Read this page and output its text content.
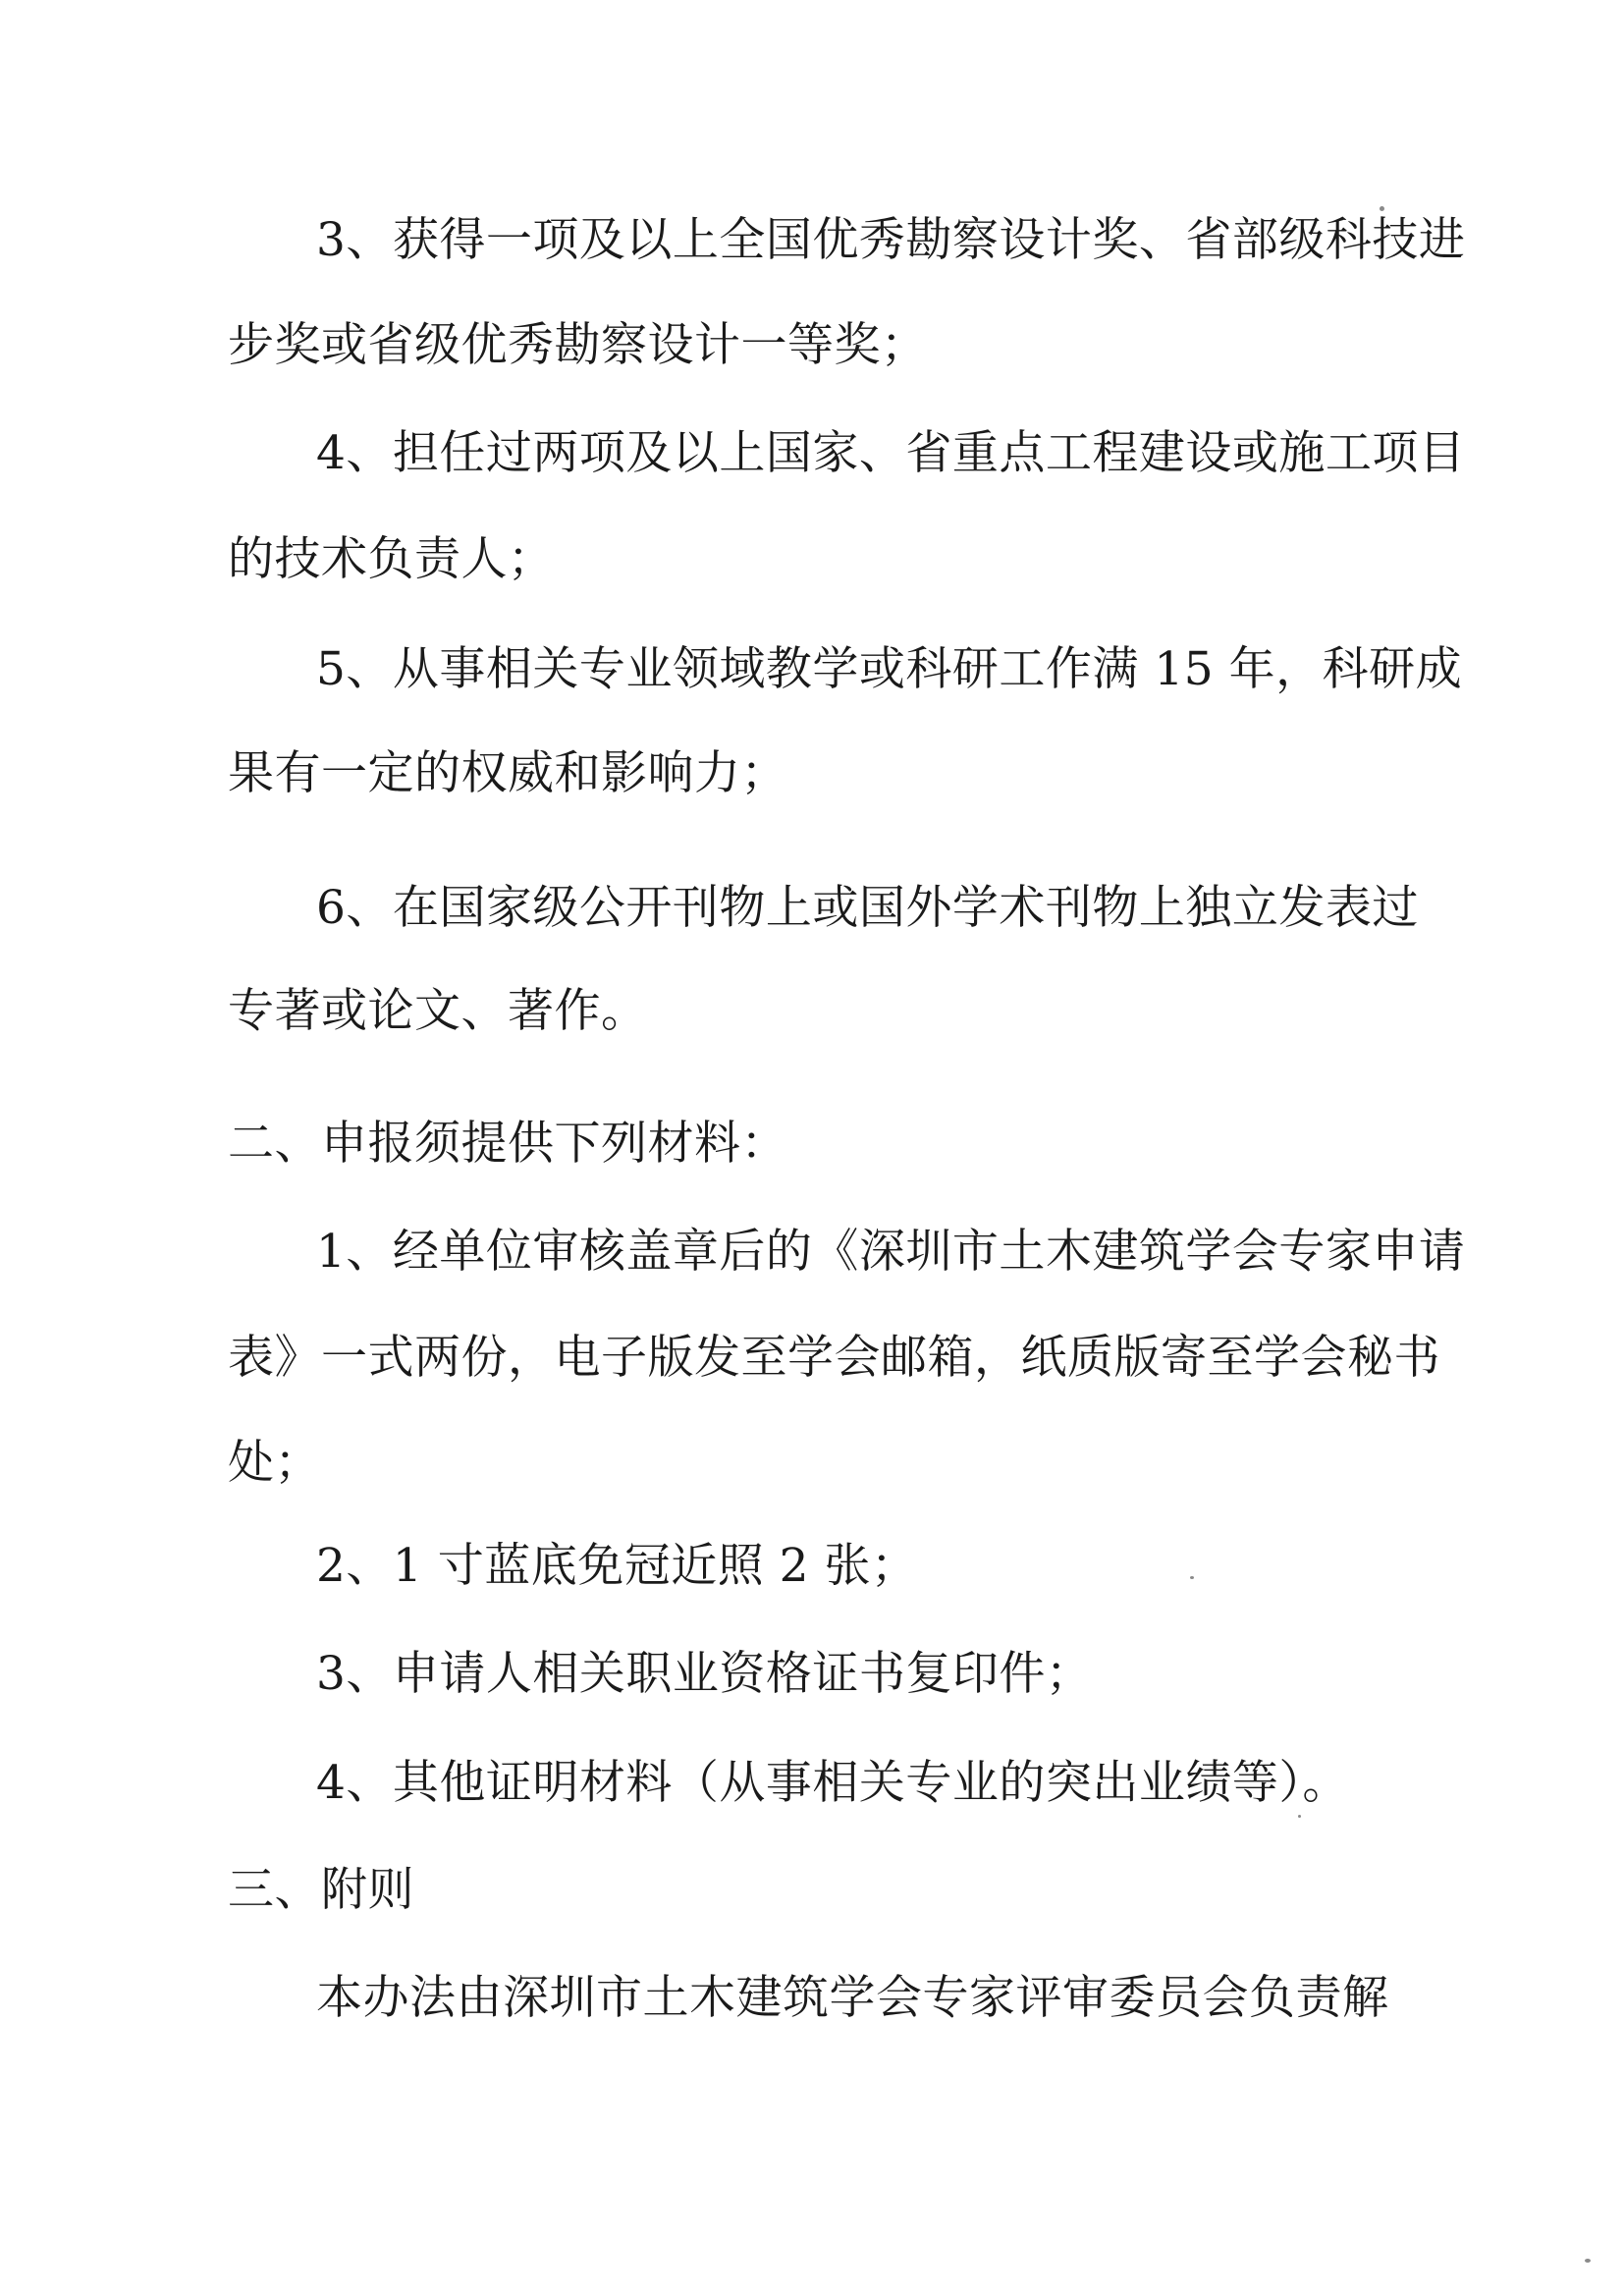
3、获得一项及以上全国优秀勘察设计奖、省部级科技进
步奖或省级优秀勘察设计一等奖；
4、担任过两项及以上国家、省重点工程建设或施工项目
的技术负责人；
5、从事相关专业领域教学或科研工作满 15 年，科研成
果有一定的权威和影响力；
6、在国家级公开刊物上或国外学术刊物上独立发表过
专著或论文、著作。
二、申报须提供下列材料：
1、经单位审核盖章后的《深圳市土木建筑学会专家申请
表》一式两份，电子版发至学会邮箱，纸质版寄至学会秘书
处；
2、1 寸蓝底免冠近照 2 张；
3、申请人相关职业资格证书复印件；
4、其他证明材料（从事相关专业的突出业绩等）。
三、附则
本办法由深圳市土木建筑学会专家评审委员会负责解
